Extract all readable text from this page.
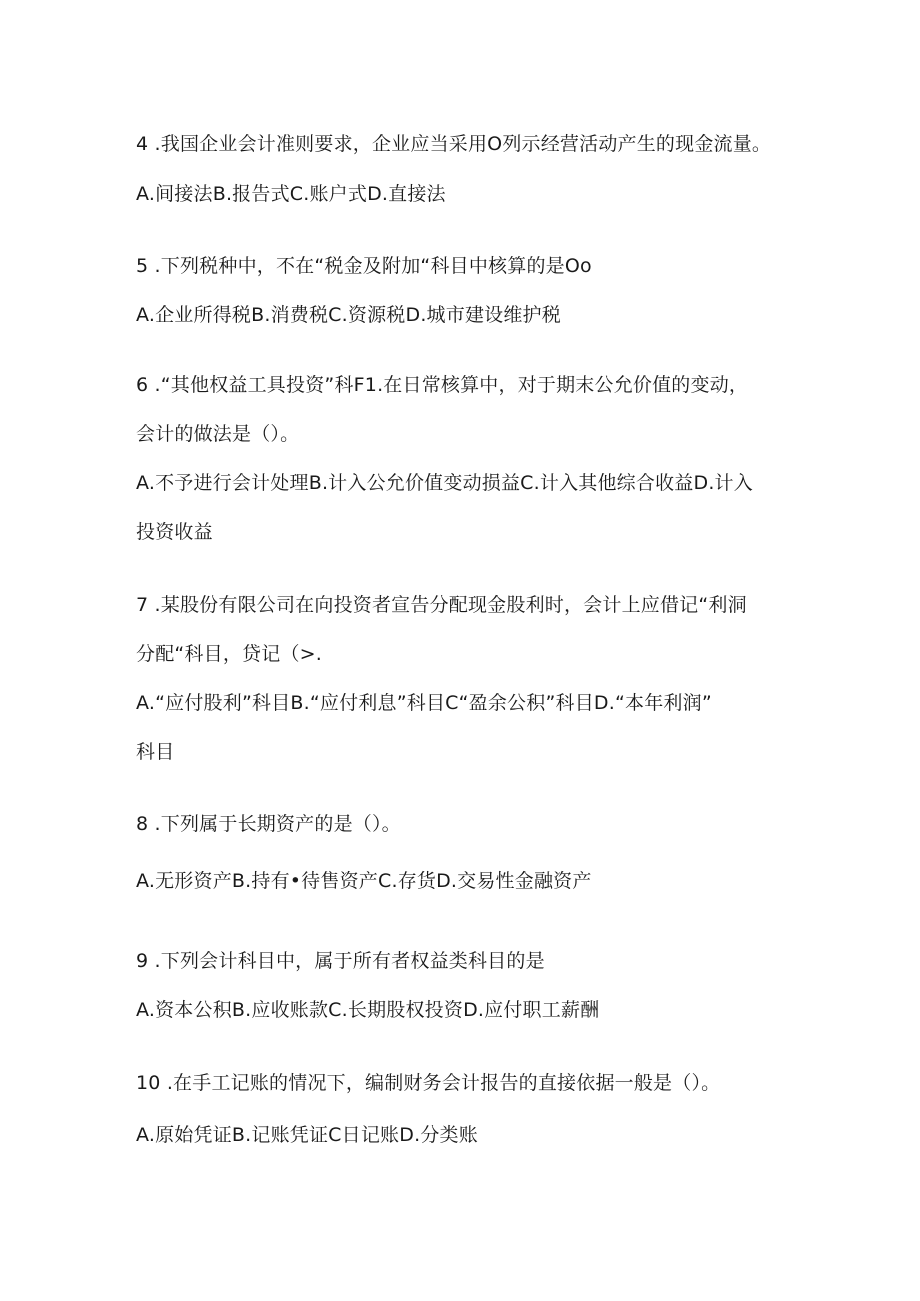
4 .我国企业会计准则要求，企业应当采用O列示经营活动产生的现金流量。
A.间接法B.报告式C.账户式D.直接法
5 .下列税种中，不在“税金及附加“科目中核算的是Oo
A.企业所得税B.消费税C.资源税D.城市建设维护税
6 .“其他权益工具投资”科F1.在日常核算中，对于期末公允价值的变动，
会计的做法是（）。
A.不予进行会计处理B.计入公允价值变动损益C.计入其他综合收益D.计入
投资收益
7 .某股份有限公司在向投资者宣告分配现金股利时，会计上应借记“利洞
分配“科目，贷记（>.
A.“应付股利”科目B.“应付利息”科目C“盈余公积”科目D.“本年利润”
科目
8 .下列属于长期资产的是（）。
A.无形资产B.持有•待售资产C.存货D.交易性金融资产
9 .下列会计科目中，属于所有者权益类科目的是
A.资本公积B.应收账款C.长期股权投资D.应付职工薪酬
10 .在手工记账的情况下，编制财务会计报告的直接依据一般是（）。
A.原始凭证B.记账凭证C日记账D.分类账
